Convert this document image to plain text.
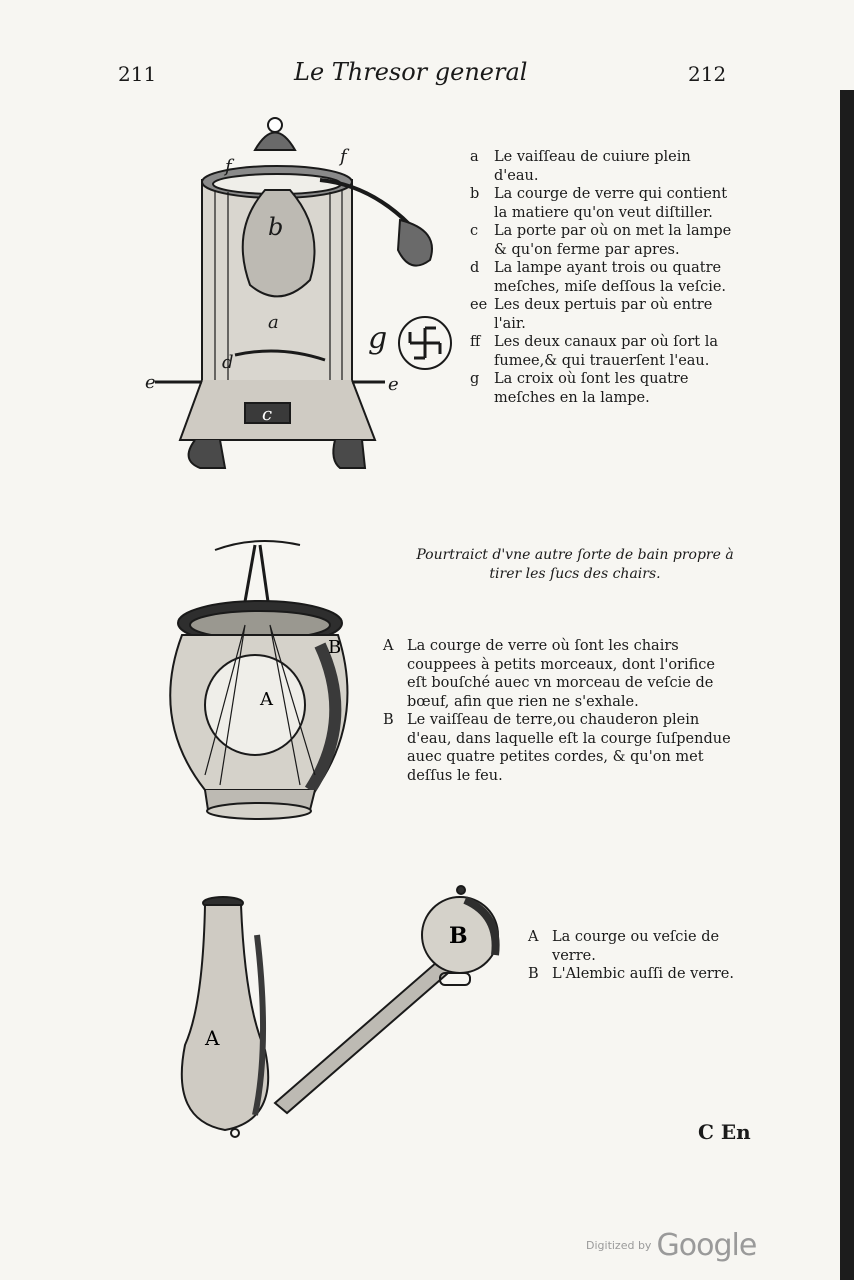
211	Le Thresor general	212
f	f
b
a
d
c
e	e
g
a	Le vaiſſeau de cuiure plein d'eau.
b	La courge de verre qui contient la matiere qu'on veut diſtiller.
c	La porte par où on met la lampe & qu'on ferme par apres.
d	La lampe ayant trois ou quatre meſches, miſe deſſous la veſcie.
ee Les deux pertuis par où entre l'air.
ff Les deux canaux par où ſort la fumee,& qui trauerſent l'eau.
g	La croix où ſont les quatre meſches en la lampe.
A
B
Pourtraict d'vne autre ſorte de bain propre à
tirer les ſucs des chairs.
A La courge de verre où ſont les chairs couppees à petits morceaux, dont l'orifice eſt bouſché auec vn morceau de veſcie de bœuf, afin que rien ne s'exhale.
B Le vaiſſeau de terre,ou chauderon plein d'eau, dans laquelle eſt la courge ſuſpendue auec quatre petites cordes, & qu'on met deſſus le feu.
A
B	A La courge ou veſcie de verre.
B L'Alembic auſſi de verre.
C En
Digitized by Google
